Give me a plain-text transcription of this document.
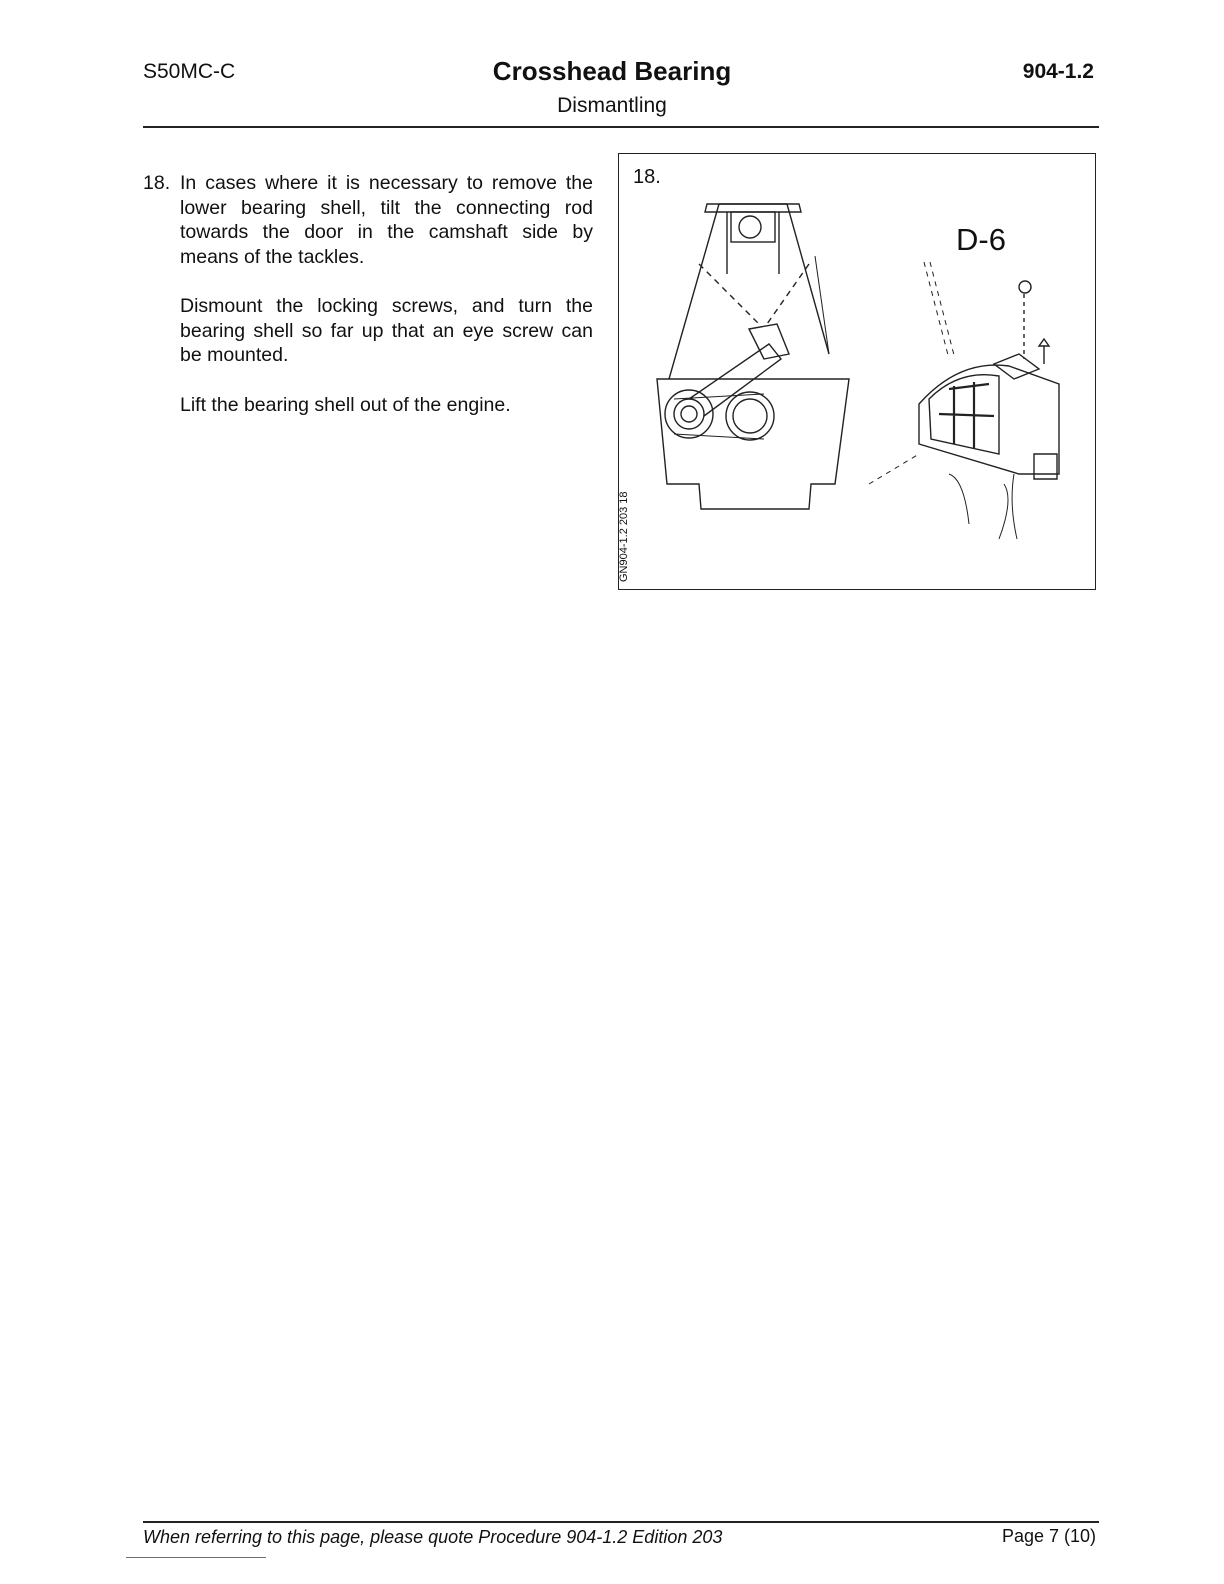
S50MC-C	Crosshead Bearing
Dismantling
904-1.2
18. In cases where it is necessary to remove the lower bearing shell, tilt the connecting rod towards the door in the camshaft side by means of the tackles.

Dismount the locking screws, and turn the bearing shell so far up that an eye screw can be mounted.

Lift the bearing shell out of the engine.

18.
D-6
GN904-1.2 203 18
When referring to this page, please quote Procedure 904-1.2 Edition 203	Page 7 (10)
